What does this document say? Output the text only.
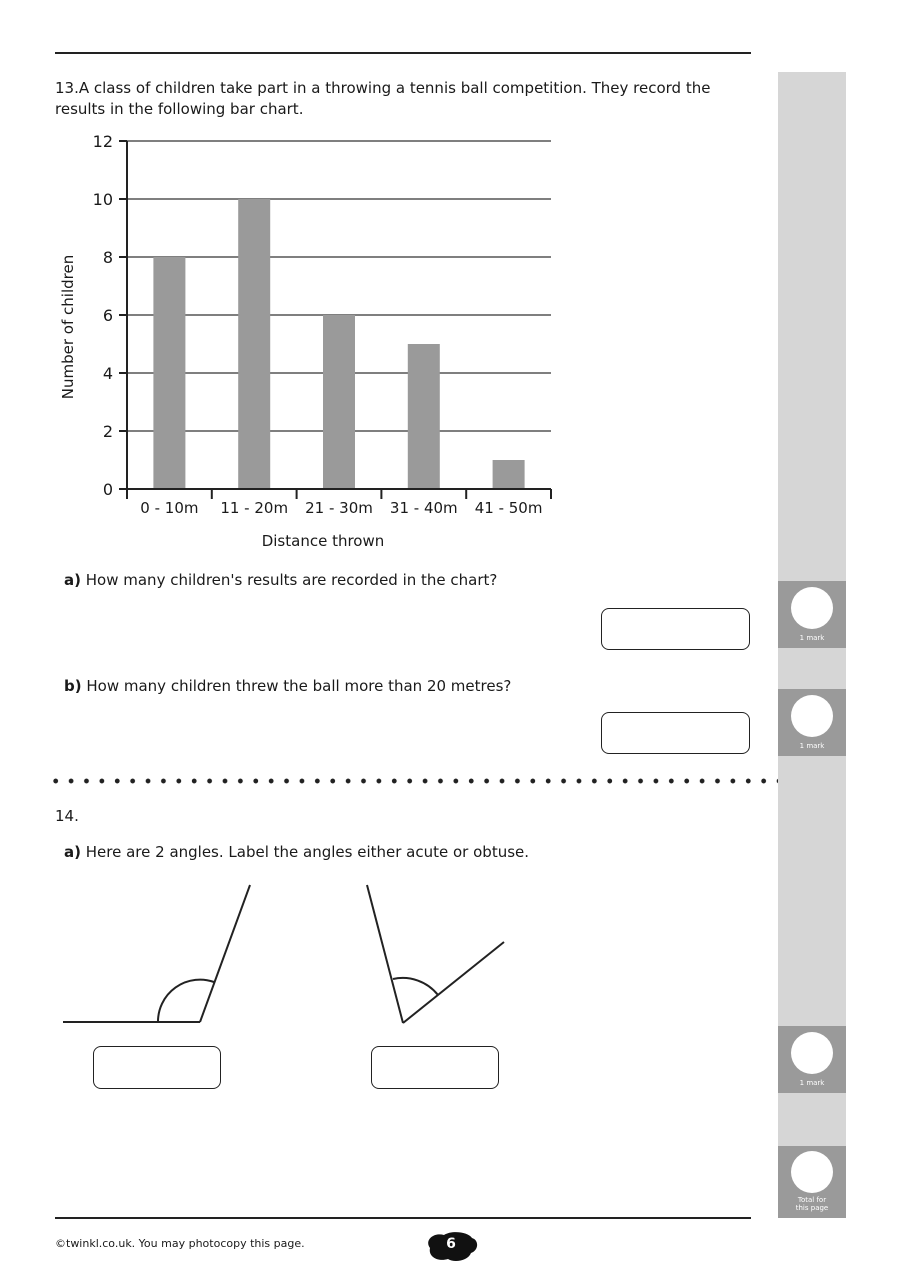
13.A class of children take part in a throwing a tennis ball competition. They record the results in the following bar chart.
0
2
4
6
8
10
12
0 - 10m 11 - 20m 21 - 30m 31 - 40m 41 - 50m
Distance thrown
Number of children
a) How many children's results are recorded in the chart?
b) How many children threw the ball more than 20 metres?
14.
a) Here are 2 angles. Label the angles either acute or obtuse.
1 mark
1 mark
1 mark
Total for this page
©twinkl.co.uk. You may photocopy this page.	6
